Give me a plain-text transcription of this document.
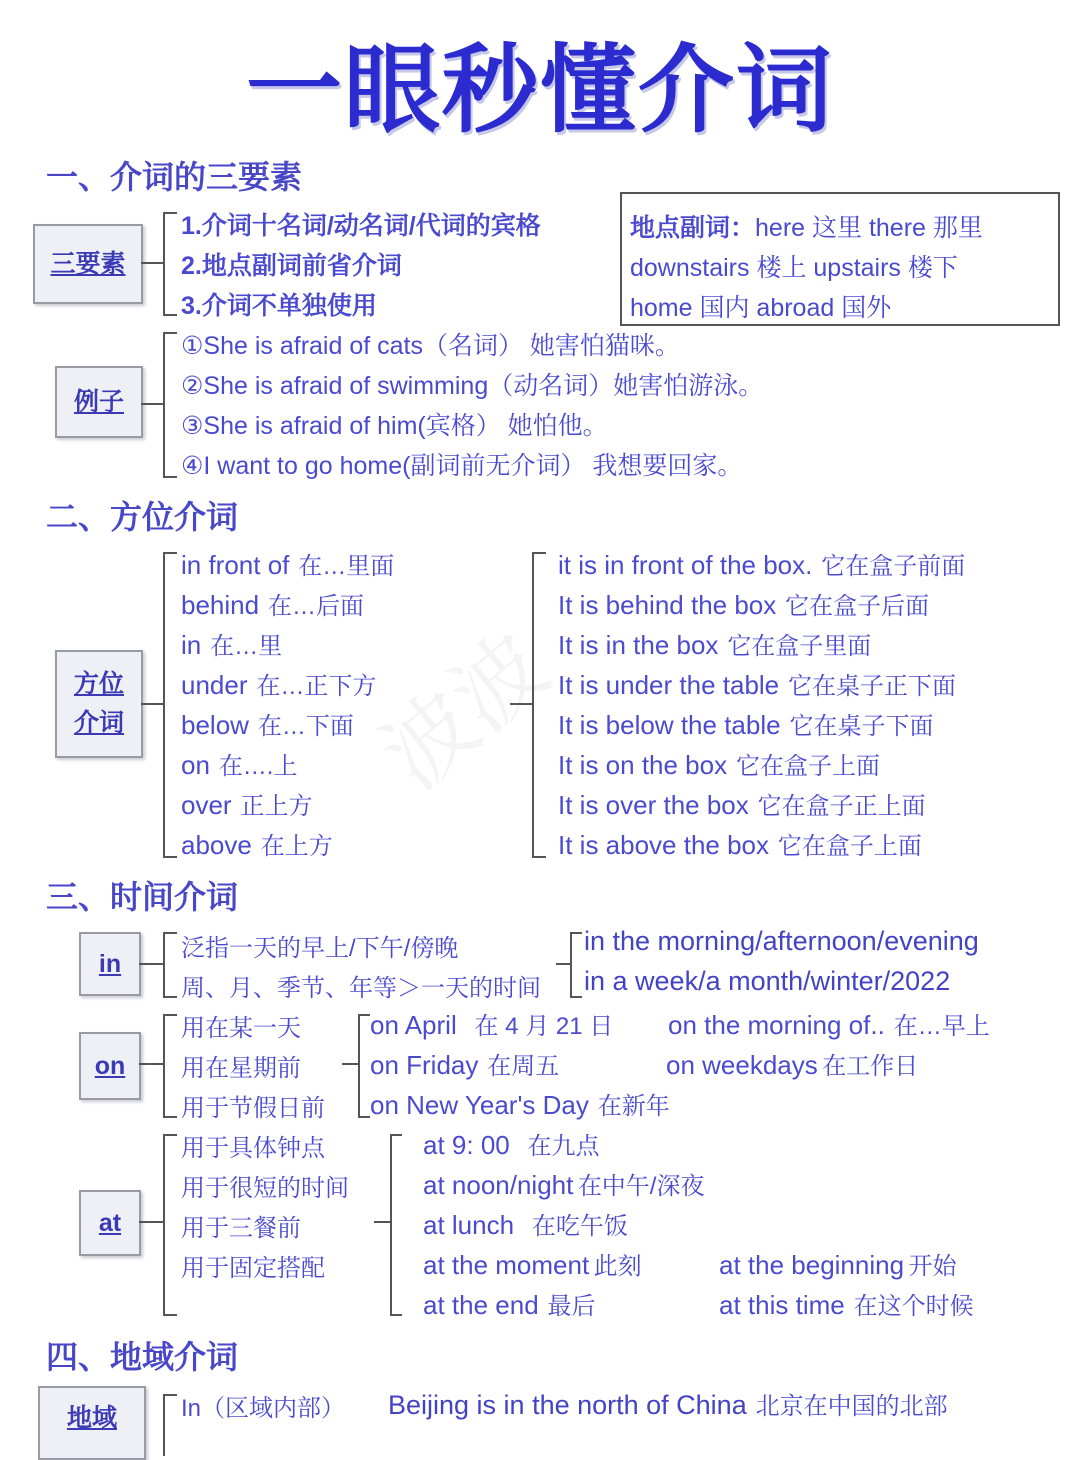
一眼秒懂介词
一、介词的三要素
三要素
1.介词十名词/动名词/代词的宾格
2.地点副词前省介词
3.介词不单独使用
地点副词：here 这里 there 那里
downstairs 楼上 upstairs 楼下
home 国内 abroad 国外
例子
①She is afraid of cats（名词） 她害怕猫咪。
②She is afraid of swimming（动名词）她害怕游泳。
③She is afraid of him(宾格） 她怕他。
④I want to go home(副词前无介词） 我想要回家。
二、方位介词
方位
介词
in front of 在…里面
behind 在…后面
in 在…里
under 在…正下方
below 在…下面
on 在….上
over 正上方
above 在上方
it is in front of the box. 它在盒子前面
It is behind the box 它在盒子后面
It is in the box 它在盒子里面
It is under the table 它在桌子正下面
It is below the table 它在桌子下面
It is on the box 它在盒子上面
It is over the box 它在盒子正上面
It is above the box 它在盒子上面
三、时间介词
in
泛指一天的早上/下午/傍晚
周、月、季节、年等＞一天的时间
in the morning/afternoon/evening
in a week/a month/winter/2022
on
用在某一天
用在星期前
用于节假日前
on April 在 4 月 21 日
on Friday 在周五
on New Year's Day 在新年
on the morning of.. 在…早上
on weekdays 在工作日
at
用于具体钟点
用于很短的时间
用于三餐前
用于固定搭配
at 9: 00 在九点
at noon/night 在中午/深夜
at lunch 在吃午饭
at the moment 此刻
at the end 最后
at the beginning 开始
at this time 在这个时候
四、地域介词
地域	In（区域内部） Beijing is in the north of China 北京在中国的北部
